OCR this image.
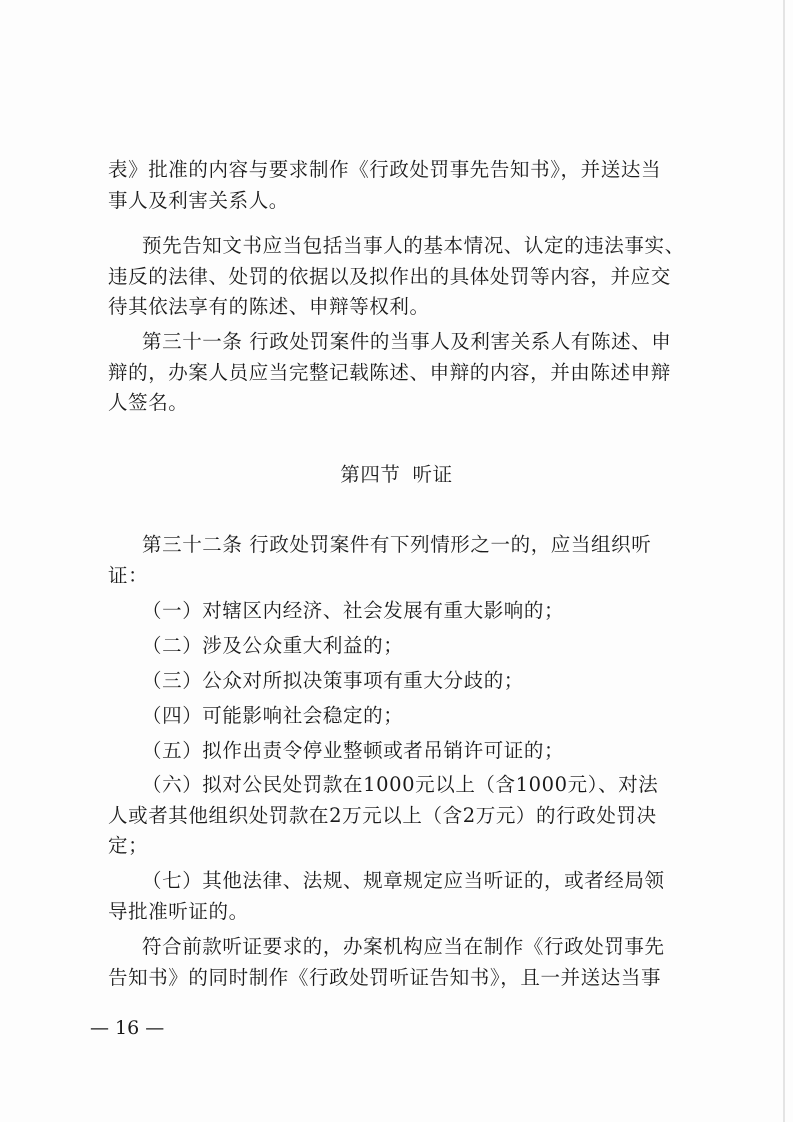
表》批准的内容与要求制作《行政处罚事先告知书》，并送达当
事人及利害关系人。
预先告知文书应当包括当事人的基本情况、认定的违法事实、
违反的法律、处罚的依据以及拟作出的具体处罚等内容，并应交
待其依法享有的陈述、申辩等权利。
第三十一条 行政处罚案件的当事人及利害关系人有陈述、申
辩的，办案人员应当完整记载陈述、申辩的内容，并由陈述申辩
人签名。
第四节 听证
第三十二条 行政处罚案件有下列情形之一的，应当组织听
证：
（一）对辖区内经济、社会发展有重大影响的；
（二）涉及公众重大利益的；
（三）公众对所拟决策事项有重大分歧的；
（四）可能影响社会稳定的；
（五）拟作出责令停业整顿或者吊销许可证的；
（六）拟对公民处罚款在1000元以上（含1000元）、对法
人或者其他组织处罚款在2万元以上（含2万元）的行政处罚决
定；
（七）其他法律、法规、规章规定应当听证的，或者经局领
导批准听证的。
符合前款听证要求的，办案机构应当在制作《行政处罚事先
告知书》的同时制作《行政处罚听证告知书》，且一并送达当事
— 16 —
